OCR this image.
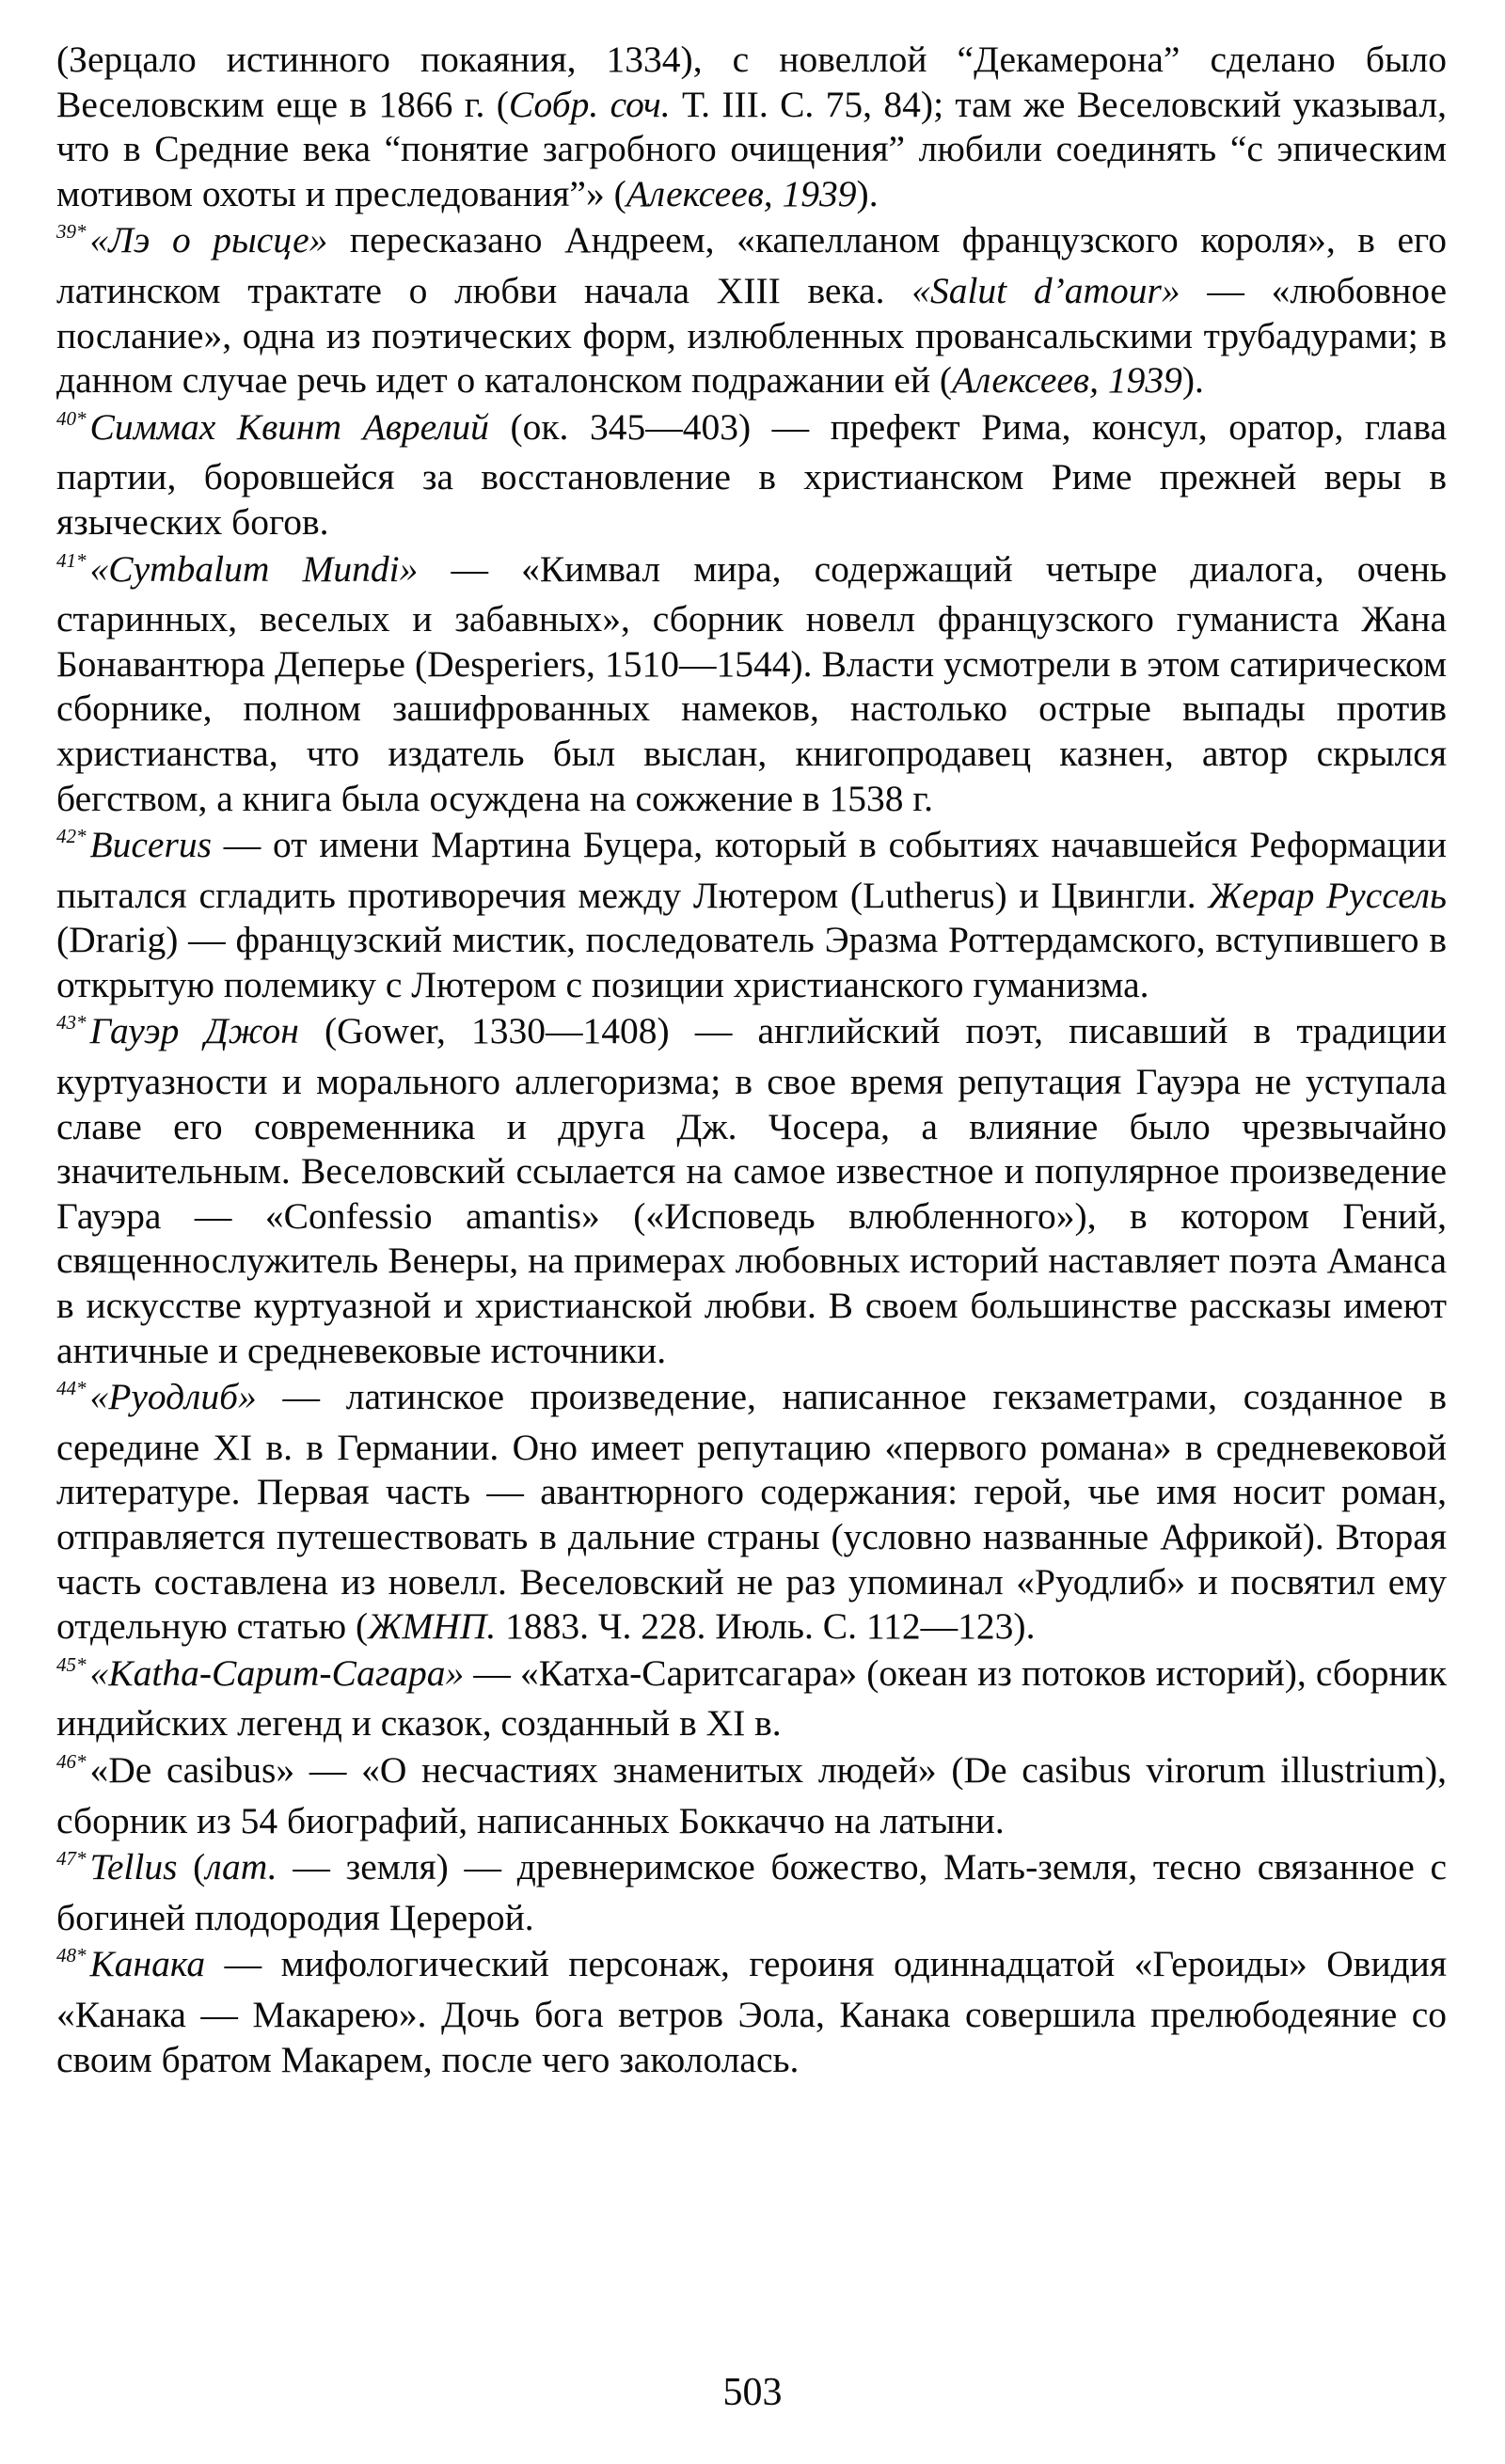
(Зерцало истинного покаяния, 1334), с новеллой “Декамерона” сделано было Веселовским еще в 1866 г. (Собр. соч. Т. III. С. 75, 84); там же Веселовский указывал, что в Средние века “понятие загробного очищения” любили соединять “с эпическим мотивом охоты и преследования”» (Алексеев, 1939).

$^{39*}$ «Лэ о рысце» пересказано Андреем, «капелланом французского короля», в его латинском трактате о любви начала XIII века. «Salut d’amour» — «любовное послание», одна из поэтических форм, излюбленных провансальскими трубадурами; в данном случае речь идет о каталонском подражании ей (Алексеев, 1939).

$^{40*}$ Симмах Квинт Аврелий (ок. 345—403) — префект Рима, консул, оратор, глава партии, боровшейся за восстановление в христианском Риме прежней веры в языческих богов.

$^{41*}$ «Cymbalum Mundi» — «Кимвал мира, содержащий четыре диалога, очень старинных, веселых и забавных», сборник новелл французского гуманиста Жана Бонавантюра Деперье (Desperiers, 1510—1544). Власти усмотрели в этом сатирическом сборнике, полном зашифрованных намеков, настолько острые выпады против христианства, что издатель был выслан, книгопродавец казнен, автор скрылся бегством, а книга была осуждена на сожжение в 1538 г.

$^{42*}$ Bucerus — от имени Мартина Буцера, который в событиях начавшейся Реформации пытался сгладить противоречия между Лютером (Lutherus) и Цвингли. Жерар Руссель (Drarig) — французский мистик, последователь Эразма Роттердамского, вступившего в открытую полемику с Лютером с позиции христианского гуманизма.

$^{43*}$ Гауэр Джон (Gower, 1330—1408) — английский поэт, писавший в традиции куртуазности и морального аллегоризма; в свое время репутация Гауэра не уступала славе его современника и друга Дж. Чосера, а влияние было чрезвычайно значительным. Веселовский ссылается на самое известное и популярное произведение Гауэра — «Confessio amantis» («Исповедь влюбленного»), в котором Гений, священнослужитель Венеры, на примерах любовных историй наставляет поэта Аманса в искусстве куртуазной и христианской любви. В своем большинстве рассказы имеют античные и средневековые источники.

$^{44*}$ «Руодлиб» — латинское произведение, написанное гекзаметрами, созданное в середине XI в. в Германии. Оно имеет репутацию «первого романа» в средневековой литературе. Первая часть — авантюрного содержания: герой, чье имя носит роман, отправляется путешествовать в дальние страны (условно названные Африкой). Вторая часть составлена из новелл. Веселовский не раз упоминал «Руодлиб» и посвятил ему отдельную статью (ЖМНП. 1883. Ч. 228. Июль. С. 112—123).

$^{45*}$ «Katha-Сарит-Сагара» — «Катха-Саритсагара» (океан из потоков историй), сборник индийских легенд и сказок, созданный в XI в.

$^{46*}$ «De casibus» — «О несчастиях знаменитых людей» (De casibus virorum illustrium), сборник из 54 биографий, написанных Боккаччо на латыни.

$^{47*}$ Tellus (лат. — земля) — древнеримское божество, Мать-земля, тесно связанное с богиней плодородия Церерой.

$^{48*}$ Канака — мифологический персонаж, героиня одиннадцатой «Героиды» Овидия «Канака — Макарею». Дочь бога ветров Эола, Канака совершила прелюбодеяние со своим братом Макарем, после чего закололась.

503
